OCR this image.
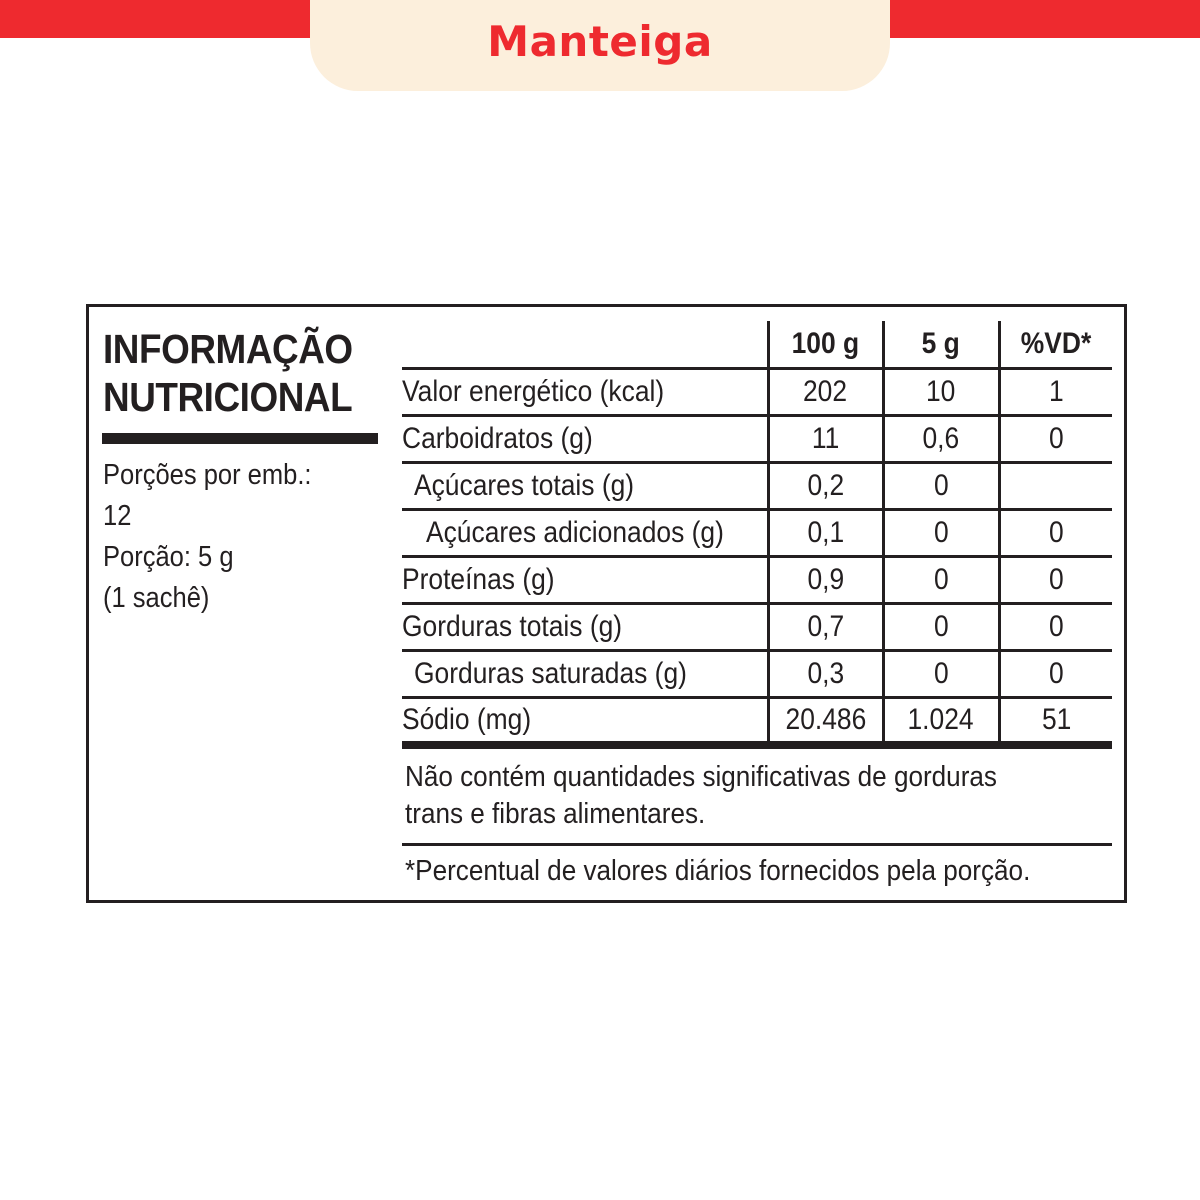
Manteiga
INFORMAÇÃO
NUTRICIONAL
Porções por emb.:
12
Porção: 5 g
(1 sachê)
100 g 5 g %VD*
Valor energético (kcal)	202	10	1
Carboidratos (g)	11	0,6	0
Açúcares totais (g)	0,2	0
Açúcares adicionados (g)	0,1	0	0
Proteínas (g)	0,9	0	0
Gorduras totais (g)	0,7	0	0
Gorduras saturadas (g)	0,3	0	0
Sódio (mg)	20.486 1.024 51
Não contém quantidades significativas de gorduras
trans e fibras alimentares.
*Percentual de valores diários fornecidos pela porção.
